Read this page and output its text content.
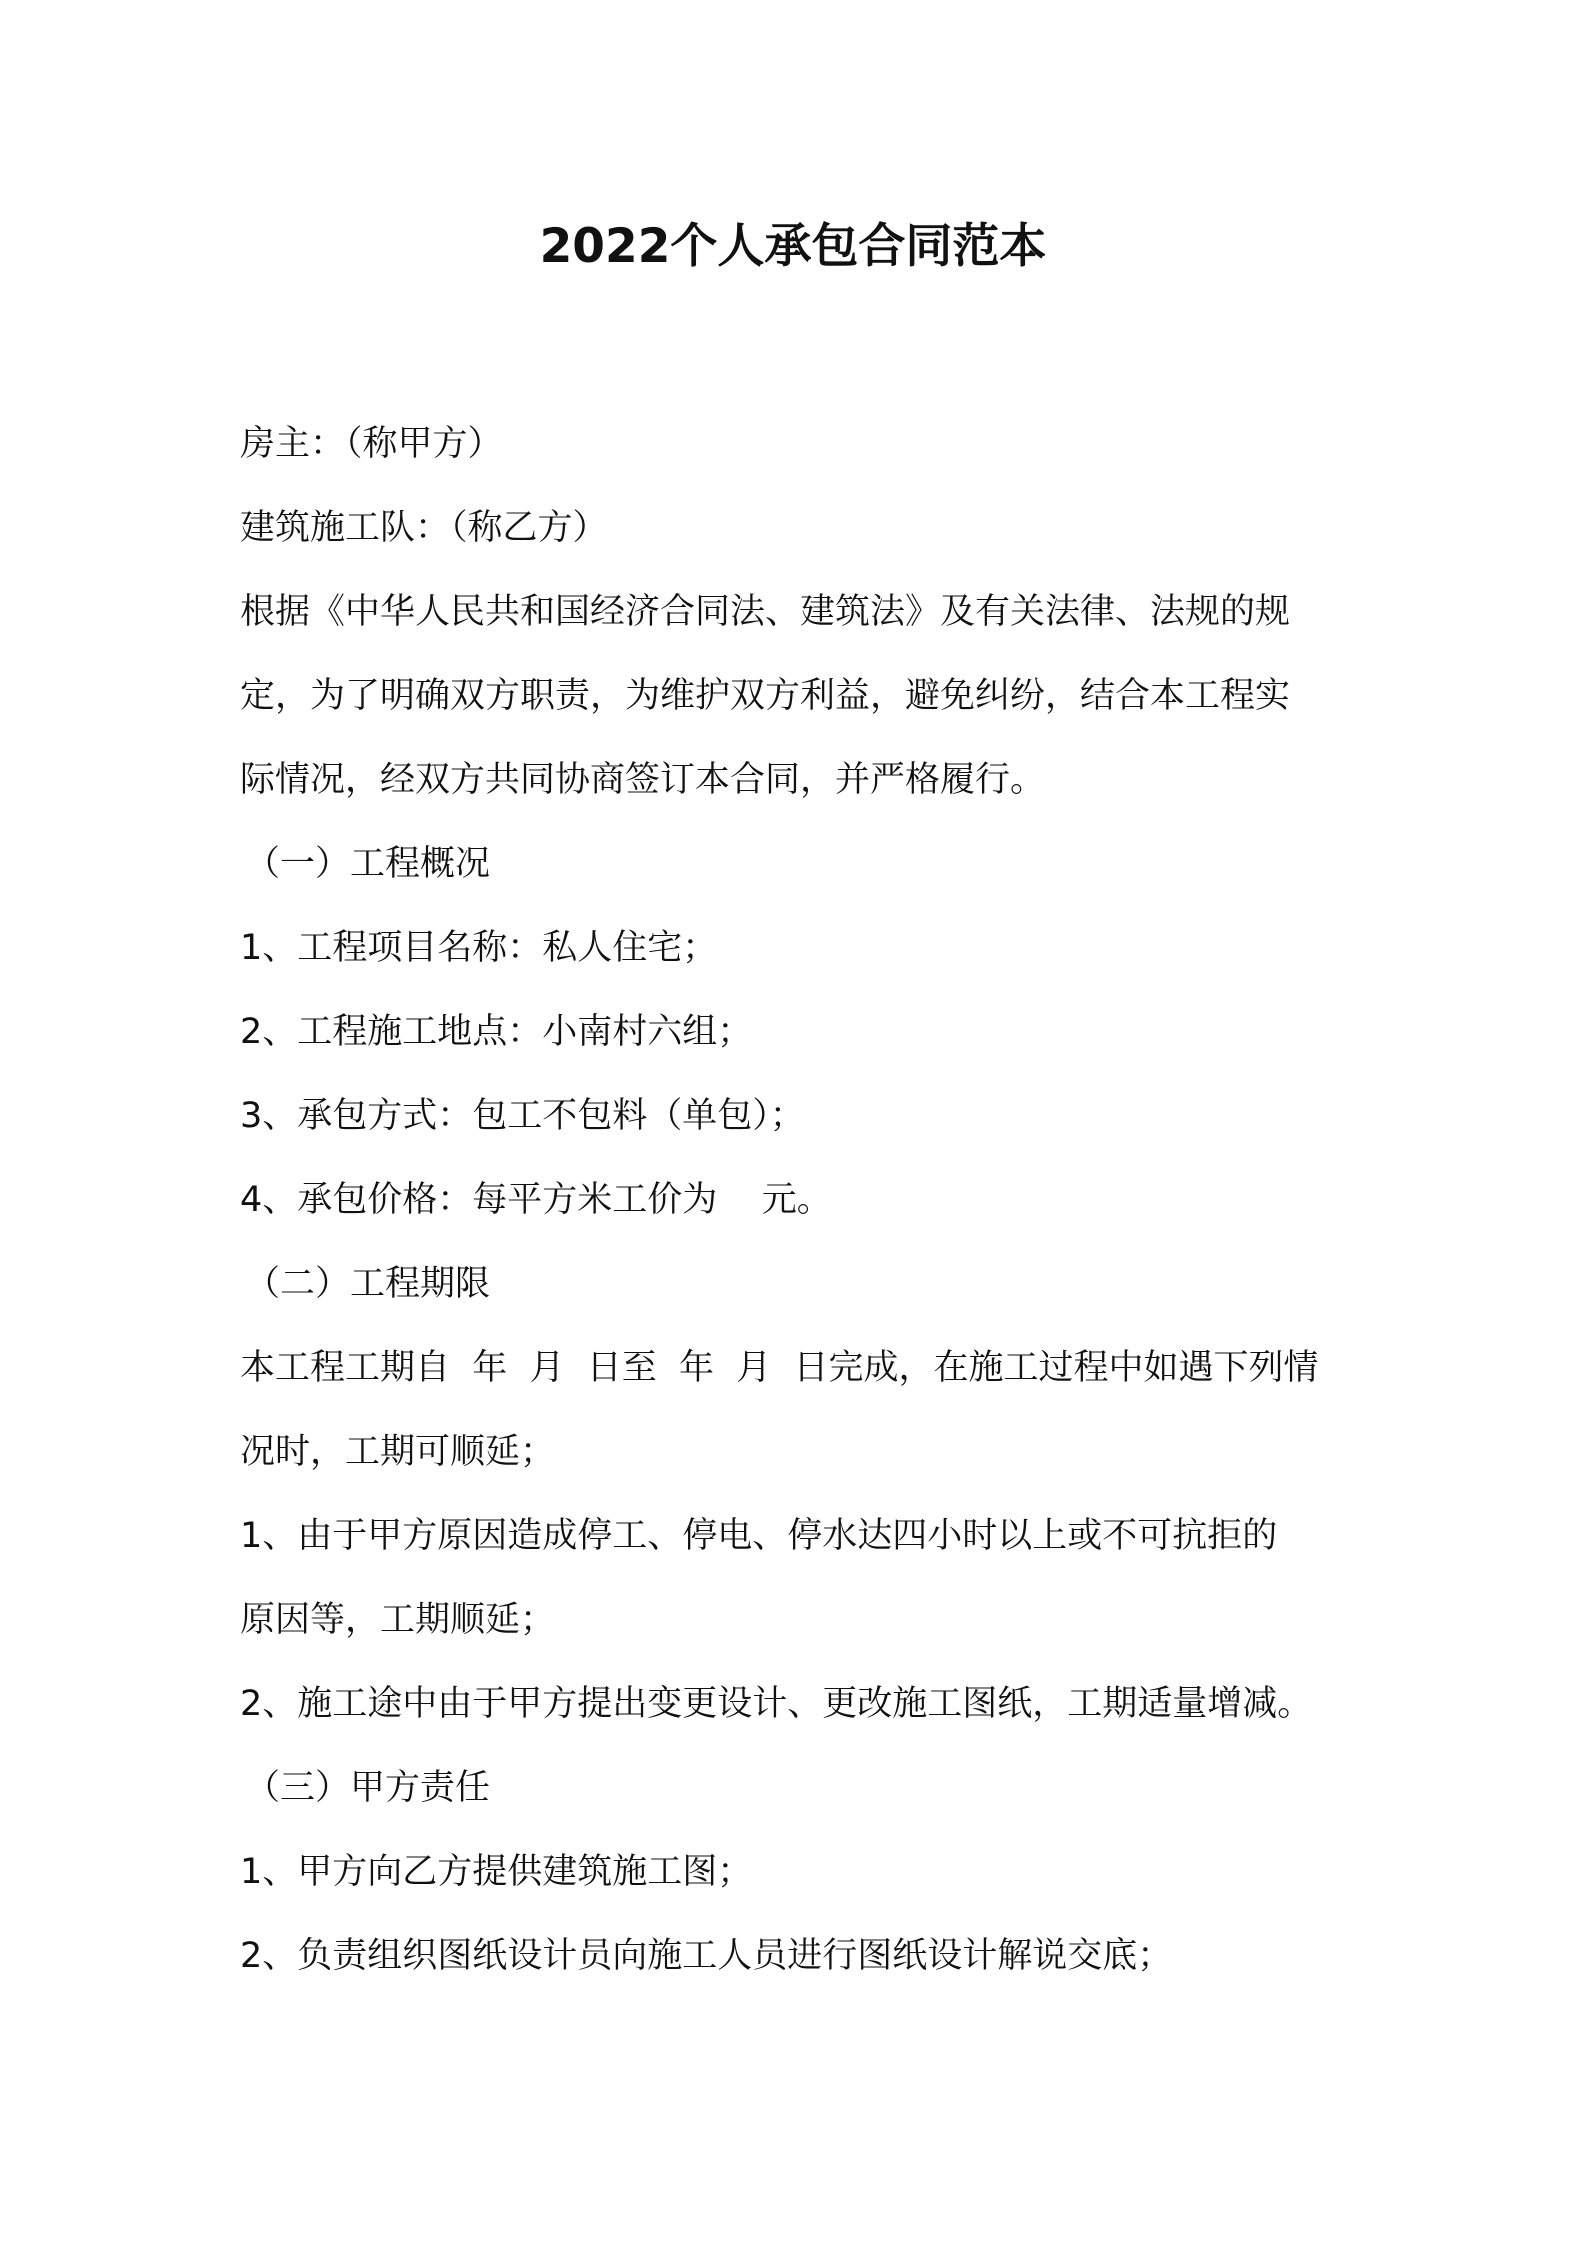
2022个人承包合同范本
房主：（称甲方）
建筑施工队：（称乙方）
根据《中华人民共和国经济合同法、建筑法》及有关法律、法规的规
定，为了明确双方职责，为维护双方利益，避免纠纷，结合本工程实
际情况，经双方共同协商签订本合同，并严格履行。
（一）工程概况
1、工程项目名称：私人住宅；
2、工程施工地点：小南村六组；
3、承包方式：包工不包料（单包）；
4、承包价格：每平方米工价为    元。
（二）工程期限
本工程工期自  年  月  日至  年  月  日完成，在施工过程中如遇下列情
况时，工期可顺延；
1、由于甲方原因造成停工、停电、停水达四小时以上或不可抗拒的
原因等，工期顺延；
2、施工途中由于甲方提出变更设计、更改施工图纸，工期适量增减。
（三）甲方责任
1、甲方向乙方提供建筑施工图；
2、负责组织图纸设计员向施工人员进行图纸设计解说交底；
